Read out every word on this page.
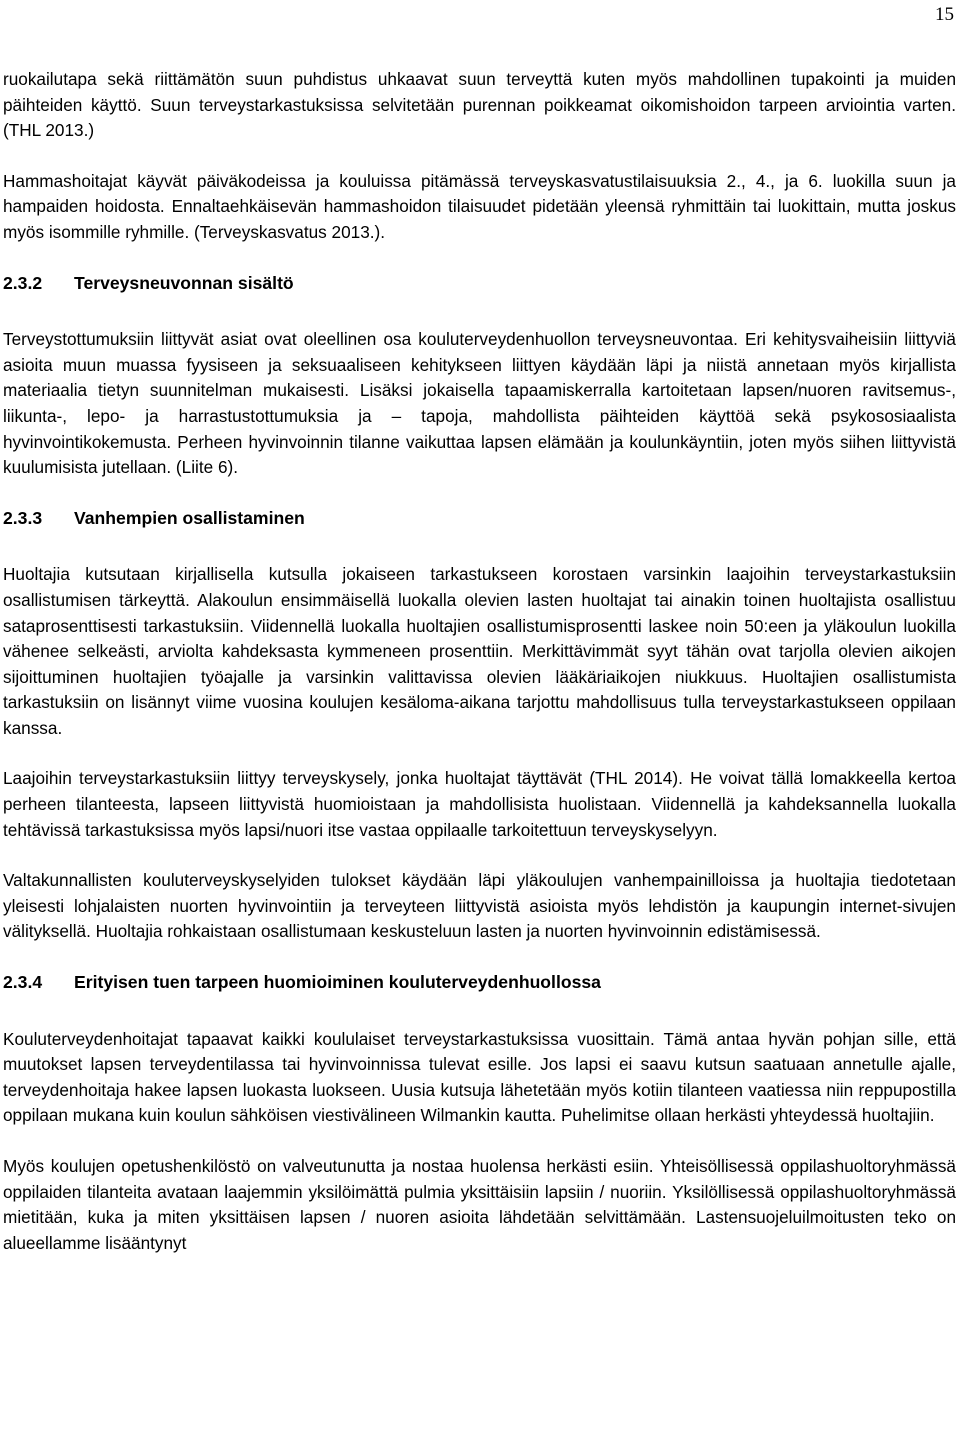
15

ruokailutapa sekä riittämätön suun puhdistus uhkaavat suun terveyttä kuten myös mahdollinen tupakointi ja muiden päihteiden käyttö. Suun terveystarkastuksissa selvitetään purennan poikkeamat oikomishoidon tarpeen arviointia varten. (THL 2013.)

Hammashoitajat käyvät päiväkodeissa ja kouluissa pitämässä terveyskasvatustilaisuuksia 2., 4., ja 6. luokilla suun ja hampaiden hoidosta. Ennaltaehkäisevän hammashoidon tilaisuudet pidetään yleensä ryhmittäin tai luokittain, mutta joskus myös isommille ryhmille. (Terveyskasvatus 2013.).

2.3.2	Terveysneuvonnan sisältö

Terveystottumuksiin liittyvät asiat ovat oleellinen osa kouluterveydenhuollon terveysneuvontaa. Eri kehitysvaiheisiin liittyviä asioita muun muassa fyysiseen ja seksuaaliseen kehitykseen liittyen käydään läpi ja niistä annetaan myös kirjallista materiaalia tietyn suunnitelman mukaisesti. Lisäksi jokaisella tapaamiskerralla kartoitetaan lapsen/nuoren ravitsemus-, liikunta-, lepo- ja harrastustottumuksia ja – tapoja, mahdollista päihteiden käyttöä sekä psykososiaalista hyvinvointikokemusta. Perheen hyvinvoinnin tilanne vaikuttaa lapsen elämään ja koulunkäyntiin, joten myös siihen liittyvistä kuulumisista jutellaan. (Liite 6).

2.3.3	Vanhempien osallistaminen

Huoltajia kutsutaan kirjallisella kutsulla jokaiseen tarkastukseen korostaen varsinkin laajoihin terveystarkastuksiin osallistumisen tärkeyttä. Alakoulun ensimmäisellä luokalla olevien lasten huoltajat tai ainakin toinen huoltajista osallistuu sataprosenttisesti tarkastuksiin. Viidennellä luokalla huoltajien osallistumisprosentti laskee noin 50:een ja yläkoulun luokilla vähenee selkeästi, arviolta kahdeksasta kymmeneen prosenttiin. Merkittävimmät syyt tähän ovat tarjolla olevien aikojen sijoittuminen huoltajien työajalle ja varsinkin valittavissa olevien lääkäriaikojen niukkuus. Huoltajien osallistumista tarkastuksiin on lisännyt viime vuosina koulujen kesäloma-aikana tarjottu mahdollisuus tulla terveystarkastukseen oppilaan kanssa.

Laajoihin terveystarkastuksiin liittyy terveyskysely, jonka huoltajat täyttävät (THL 2014). He voivat tällä lomakkeella kertoa perheen tilanteesta, lapseen liittyvistä huomioistaan ja mahdollisista huolistaan. Viidennellä ja kahdeksannella luokalla tehtävissä tarkastuksissa myös lapsi/nuori itse vastaa oppilaalle tarkoitettuun terveyskyselyyn.

Valtakunnallisten kouluterveyskyselyiden tulokset käydään läpi yläkoulujen vanhempainilloissa ja huoltajia tiedotetaan yleisesti lohjalaisten nuorten hyvinvointiin ja terveyteen liittyvistä asioista myös lehdistön ja kaupungin internet-sivujen välityksellä. Huoltajia rohkaistaan osallistumaan keskusteluun lasten ja nuorten hyvinvoinnin edistämisessä.

2.3.4	Erityisen tuen tarpeen huomioiminen kouluterveydenhuollossa

Kouluterveydenhoitajat tapaavat kaikki koululaiset terveystarkastuksissa vuosittain. Tämä antaa hyvän pohjan sille, että muutokset lapsen terveydentilassa tai hyvinvoinnissa tulevat esille. Jos lapsi ei saavu kutsun saatuaan annetulle ajalle, terveydenhoitaja hakee lapsen luokasta luokseen. Uusia kutsuja lähetetään myös kotiin tilanteen vaatiessa niin reppupostilla oppilaan mukana kuin koulun sähköisen viestivälineen Wilmankin kautta. Puhelimitse ollaan herkästi yhteydessä huoltajiin.

Myös koulujen opetushenkilöstö on valveutunutta ja nostaa huolensa herkästi esiin. Yhteisöllisessä oppilashuoltoryhmässä oppilaiden tilanteita avataan laajemmin yksilöimättä pulmia yksittäisiin lapsiin / nuoriin. Yksilöllisessä oppilashuoltoryhmässä mietitään, kuka ja miten yksittäisen lapsen / nuoren asioita lähdetään selvittämään. Lastensuojeluilmoitusten teko on alueellamme lisääntynyt
